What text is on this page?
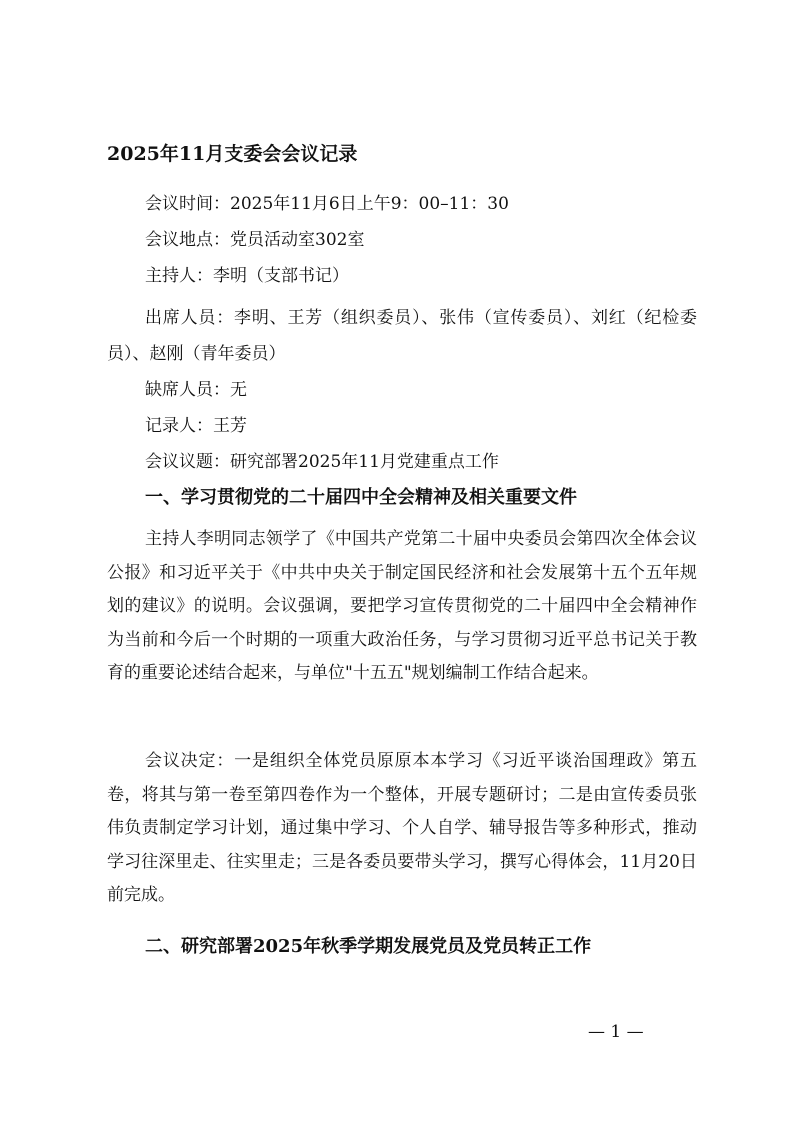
2025年11月支委会会议记录
会议时间：2025年11月6日上午9：00–11：30
会议地点：党员活动室302室
主持人：李明（支部书记）
出席人员：李明、王芳（组织委员）、张伟（宣传委员）、刘红（纪检委员）、赵刚（青年委员）
缺席人员：无
记录人：王芳
会议议题：研究部署2025年11月党建重点工作
一、学习贯彻党的二十届四中全会精神及相关重要文件
主持人李明同志领学了《中国共产党第二十届中央委员会第四次全体会议公报》和习近平关于《中共中央关于制定国民经济和社会发展第十五个五年规划的建议》的说明。会议强调，要把学习宣传贯彻党的二十届四中全会精神作为当前和今后一个时期的一项重大政治任务，与学习贯彻习近平总书记关于教育的重要论述结合起来，与单位"十五五"规划编制工作结合起来。
会议决定：一是组织全体党员原原本本学习《习近平谈治国理政》第五卷，将其与第一卷至第四卷作为一个整体，开展专题研讨；二是由宣传委员张伟负责制定学习计划，通过集中学习、个人自学、辅导报告等多种形式，推动学习往深里走、往实里走；三是各委员要带头学习，撰写心得体会，11月20日前完成。
二、研究部署2025年秋季学期发展党员及党员转正工作
— 1 —
